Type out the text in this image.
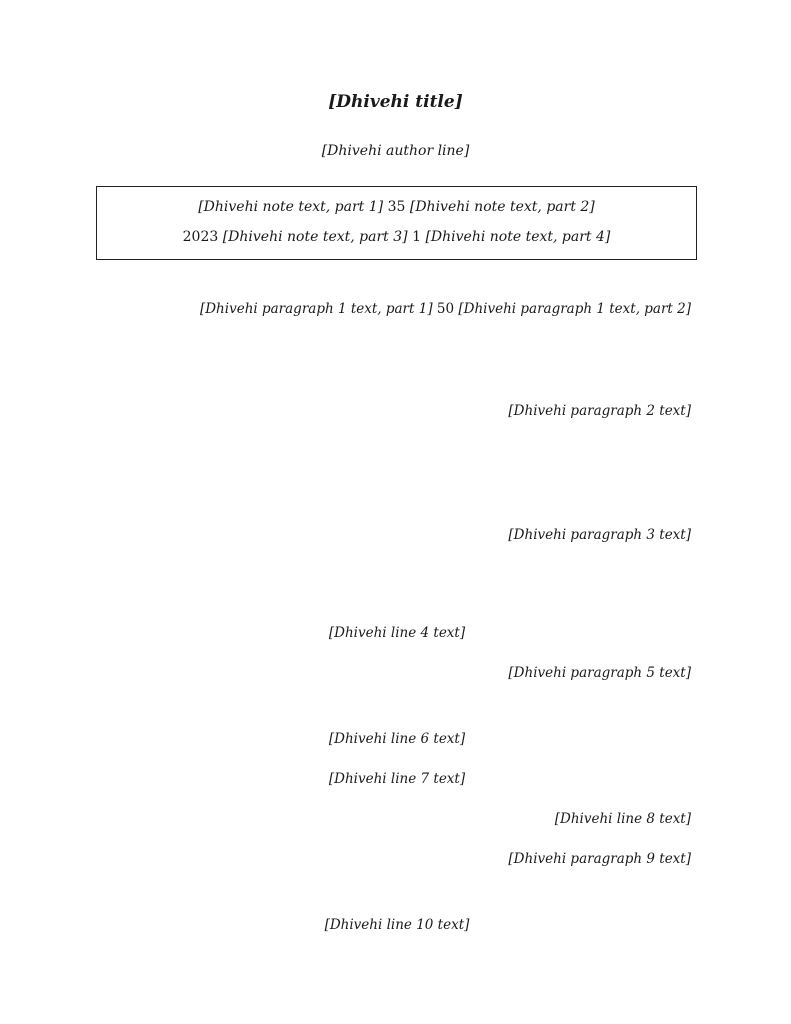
[Dhivehi title]
[Dhivehi author line]
[Dhivehi note text, part 1] 35 [Dhivehi note text, part 2]
2023 [Dhivehi note text, part 3] 1 [Dhivehi note text, part 4]
[Dhivehi paragraph 1 text, part 1] 50 [Dhivehi paragraph 1 text, part 2]
[Dhivehi paragraph 2 text]
[Dhivehi paragraph 3 text]
[Dhivehi line 4 text]
[Dhivehi paragraph 5 text]
[Dhivehi line 6 text]
[Dhivehi line 7 text]
[Dhivehi line 8 text]
[Dhivehi paragraph 9 text]
[Dhivehi line 10 text]
